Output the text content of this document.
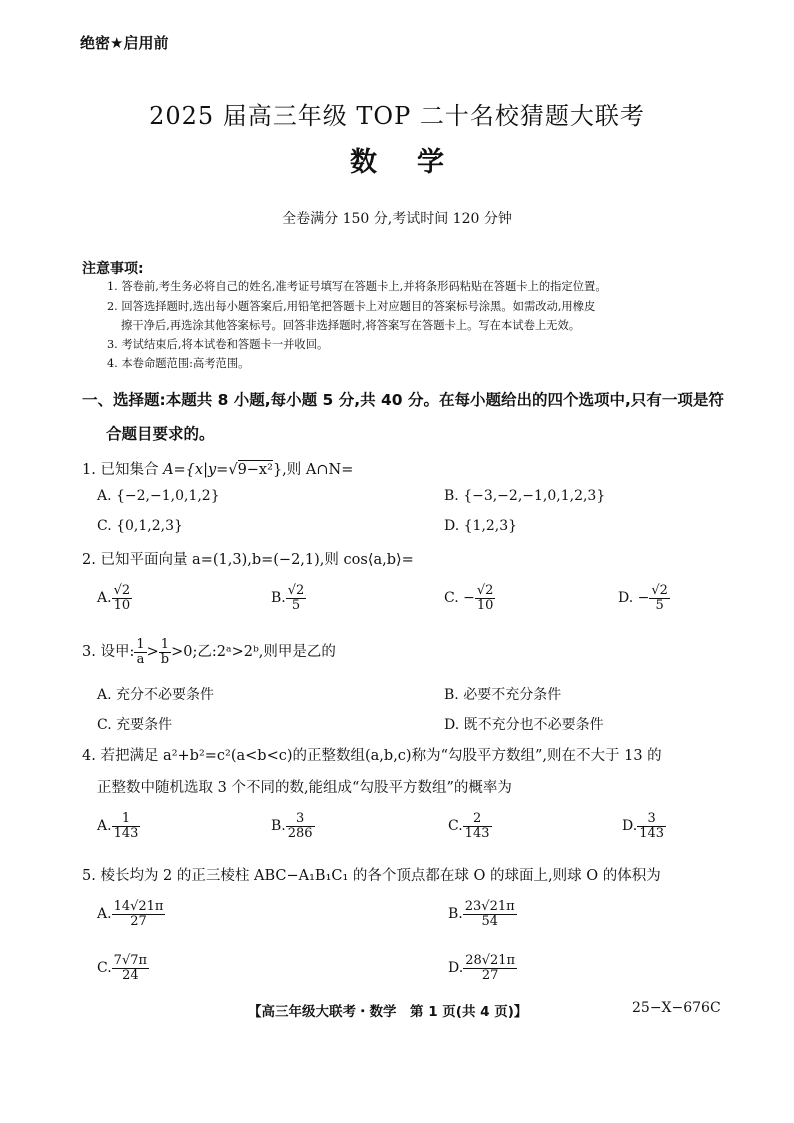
绝密★启用前
2025 届高三年级 TOP 二十名校猜题大联考
数学
全卷满分 150 分,考试时间 120 分钟
注意事项:
1. 答卷前,考生务必将自己的姓名,准考证号填写在答题卡上,并将条形码粘贴在答题卡上的指定位置。
2. 回答选择题时,选出每小题答案后,用铅笔把答题卡上对应题目的答案标号涂黑。如需改动,用橡皮
擦干净后,再选涂其他答案标号。回答非选择题时,将答案写在答题卡上。写在本试卷上无效。
3. 考试结束后,将本试卷和答题卡一并收回。
4. 本卷命题范围:高考范围。
一、选择题:本题共 8 小题,每小题 5 分,共 40 分。在每小题给出的四个选项中,只有一项是符
合题目要求的。
1. 已知集合 A={x|y=√9−x²},则 A∩N=
A. {−2,−1,0,1,2}	B. {−3,−2,−1,0,1,2,3}
C. {0,1,2,3}	D. {1,2,3}
2. 已知平面向量 a=(1,3),b=(−2,1),则 cos⟨a,b⟩=
A. $\frac{√2}{10}$	B. $\frac{√2}{5}$	C. − $\frac{√2}{10}$	D. − $\frac{√2}{5}$
3. 设甲: $\frac{1}{a} > \frac{1}{b} >0$;乙:2ᵃ>2ᵇ,则甲是乙的
A. 充分不必要条件	B. 必要不充分条件
C. 充要条件	D. 既不充分也不必要条件
4. 若把满足 a²+b²=c²(a<b<c)的正整数组(a,b,c)称为“勾股平方数组”,则在不大于 13 的
正整数中随机选取 3 个不同的数,能组成“勾股平方数组”的概率为
A. $\frac{1}{143}$	B. $\frac{3}{286}$	C. $\frac{2}{143}$	D. $\frac{3}{143}$
5. 棱长均为 2 的正三棱柱 ABC−A₁B₁C₁ 的各个顶点都在球 O 的球面上,则球 O 的体积为
A. $\frac{14√21\pi}{27}$	B. $\frac{23√21\pi}{54}$
C. $\frac{7√7\pi}{24}$	D. $\frac{28√21\pi}{27}$
【高三年级大联考・数学　第 1 页(共 4 页)】	25−X−676C
